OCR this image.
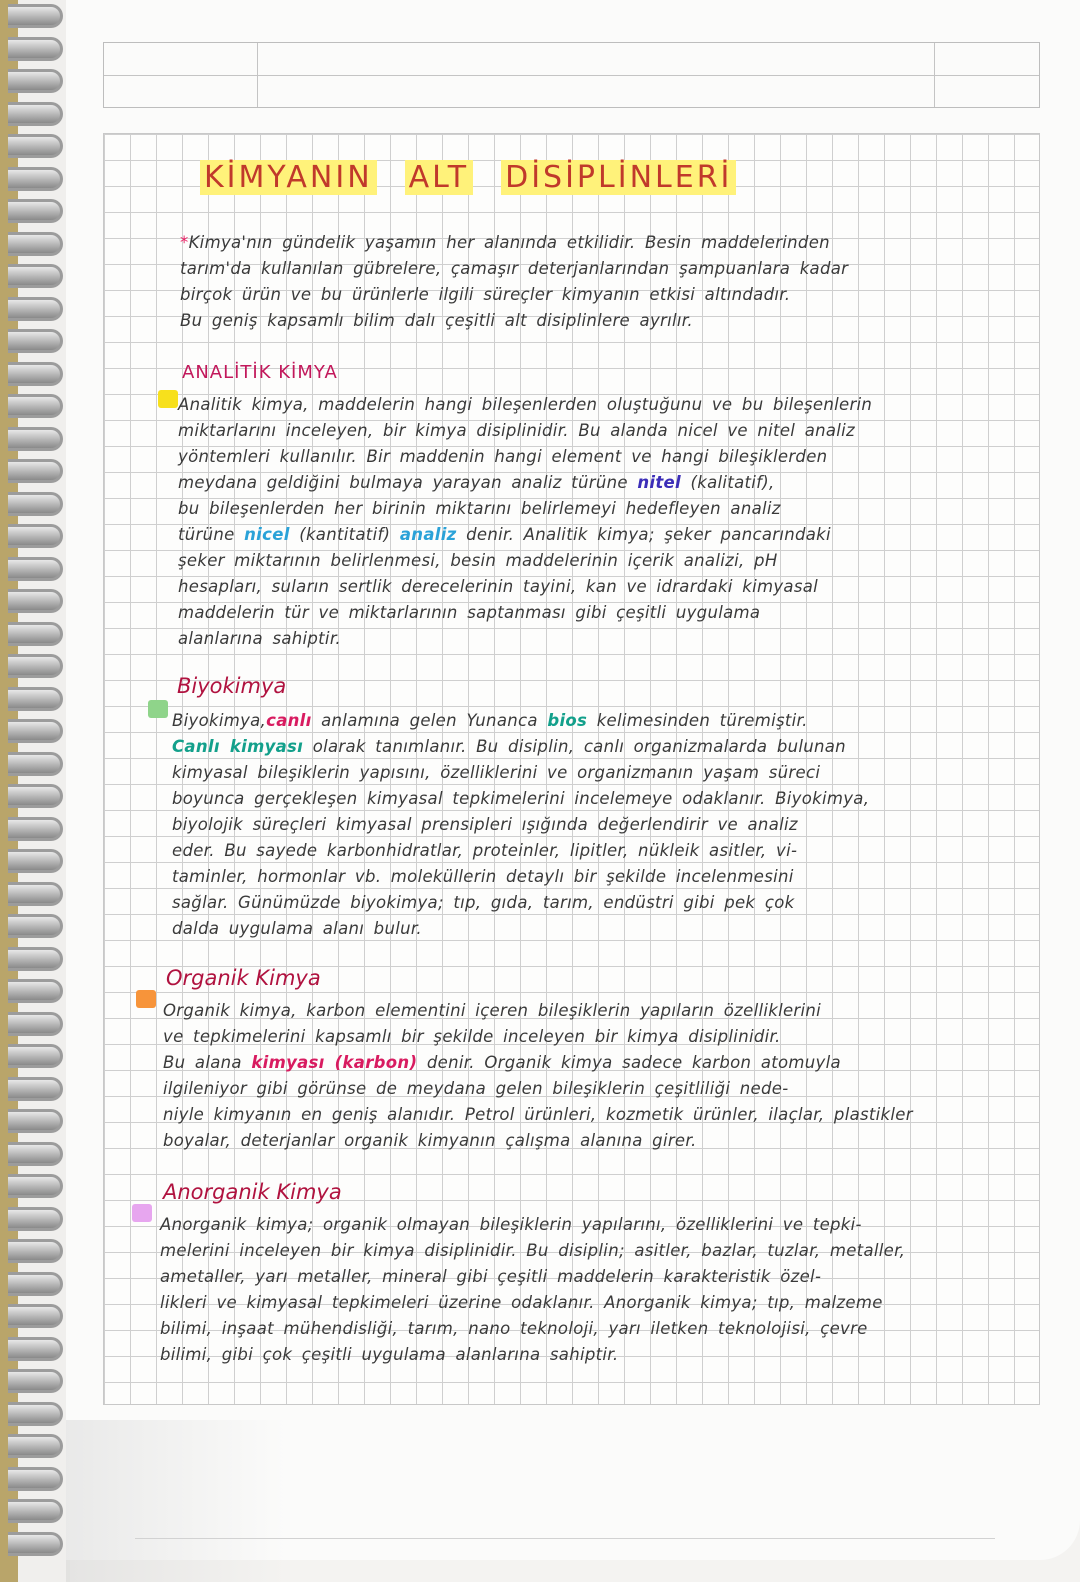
KİMYANIN ALT DİSİPLİNLERİ

*Kimya'nın gündelik yaşamın her alanında etkilidir. Besin maddelerinden

tarım'da kullanılan gübrelere, çamaşır deterjanlarından şampuanlara kadar

birçok ürün ve bu ürünlerle ilgili süreçler kimyanın etkisi altındadır.

Bu geniş kapsamlı bilim dalı çeşitli alt disiplinlere ayrılır.

ANALİTİK KİMYA

Analitik kimya, maddelerin hangi bileşenlerden oluştuğunu ve bu bileşenlerin

miktarlarını inceleyen, bir kimya disiplinidir. Bu alanda nicel ve nitel analiz

yöntemleri kullanılır. Bir maddenin hangi element ve hangi bileşiklerden

meydana geldiğini bulmaya yarayan analiz türüne nitel (kalitatif),

bu bileşenlerden her birinin miktarını belirlemeyi hedefleyen analiz

türüne nicel (kantitatif) analiz denir. Analitik kimya; şeker pancarındaki

şeker miktarının belirlenmesi, besin maddelerinin içerik analizi, pH

hesapları, suların sertlik derecelerinin tayini, kan ve idrardaki kimyasal

maddelerin tür ve miktarlarının saptanması gibi çeşitli uygulama

alanlarına sahiptir.

Biyokimya

Biyokimya,canlı anlamına gelen Yunanca bios kelimesinden türemiştir.

Canlı kimyası olarak tanımlanır. Bu disiplin, canlı organizmalarda bulunan

kimyasal bileşiklerin yapısını, özelliklerini ve organizmanın yaşam süreci

boyunca gerçekleşen kimyasal tepkimelerini incelemeye odaklanır. Biyokimya,

biyolojik süreçleri kimyasal prensipleri ışığında değerlendirir ve analiz

eder. Bu sayede karbonhidratlar, proteinler, lipitler, nükleik asitler, vi-

taminler, hormonlar vb. moleküllerin detaylı bir şekilde incelenmesini

sağlar. Günümüzde biyokimya; tıp, gıda, tarım, endüstri gibi pek çok

dalda uygulama alanı bulur.

Organik Kimya

Organik kimya, karbon elementini içeren bileşiklerin yapıların özelliklerini

ve tepkimelerini kapsamlı bir şekilde inceleyen bir kimya disiplinidir.

Bu alana kimyası (karbon) denir. Organik kimya sadece karbon atomuyla

ilgileniyor gibi görünse de meydana gelen bileşiklerin çeşitliliği nede-

niyle kimyanın en geniş alanıdır. Petrol ürünleri, kozmetik ürünler, ilaçlar, plastikler

boyalar, deterjanlar organik kimyanın çalışma alanına girer.

Anorganik Kimya

Anorganik kimya; organik olmayan bileşiklerin yapılarını, özelliklerini ve tepki-

melerini inceleyen bir kimya disiplinidir. Bu disiplin; asitler, bazlar, tuzlar, metaller,

ametaller, yarı metaller, mineral gibi çeşitli maddelerin karakteristik özel-

likleri ve kimyasal tepkimeleri üzerine odaklanır. Anorganik kimya; tıp, malzeme

bilimi, inşaat mühendisliği, tarım, nano teknoloji, yarı iletken teknolojisi, çevre

bilimi, gibi çok çeşitli uygulama alanlarına sahiptir.
